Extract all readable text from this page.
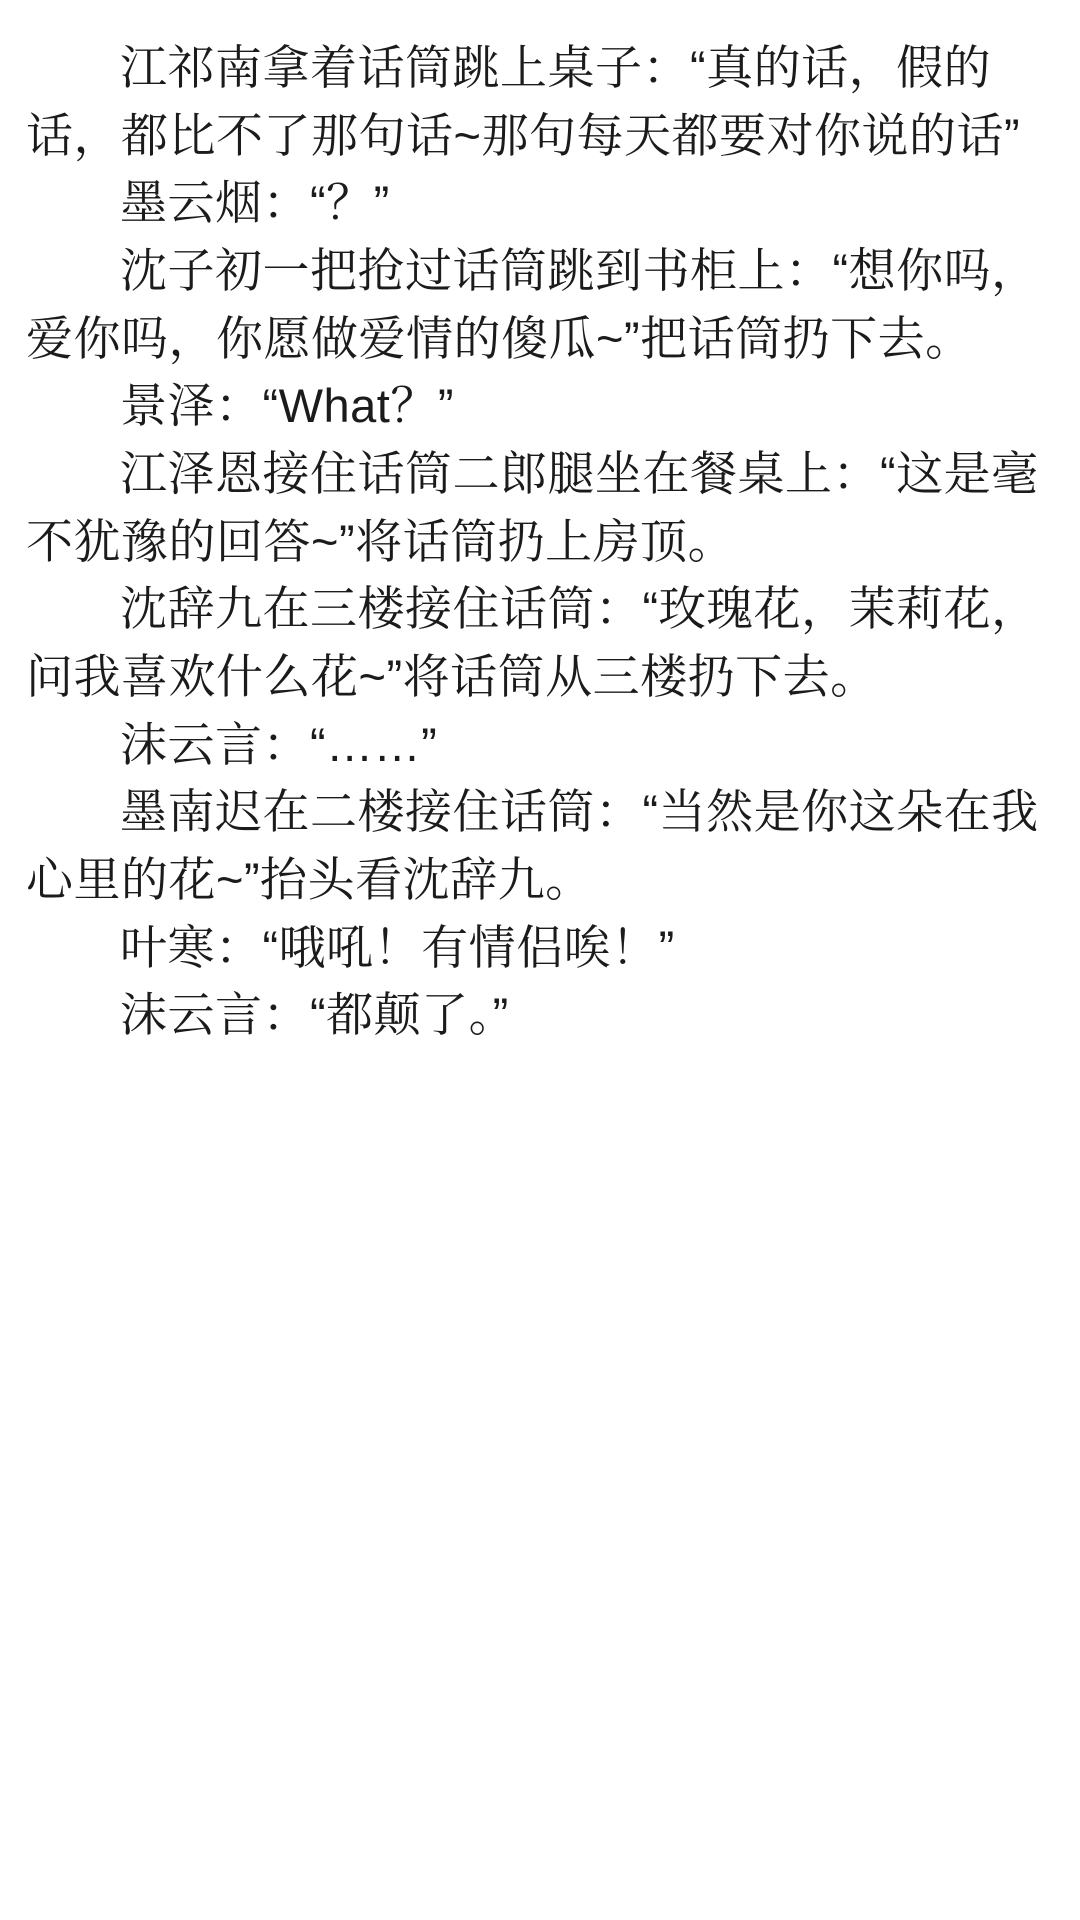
江祁南拿着话筒跳上桌子：“真的话，假的话，都比不了那句话~那句每天都要对你说的话”

墨云烟：“？”

沈子初一把抢过话筒跳到书柜上：“想你吗，爱你吗，你愿做爱情的傻瓜~”把话筒扔下去。

景泽：“What？”

江泽恩接住话筒二郎腿坐在餐桌上：“这是毫不犹豫的回答~”将话筒扔上房顶。

沈辞九在三楼接住话筒：“玫瑰花，茉莉花，问我喜欢什么花~”将话筒从三楼扔下去。

沫云言：“……”

墨南迟在二楼接住话筒：“当然是你这朵在我心里的花~”抬头看沈辞九。

叶寒：“哦吼！有情侣唉！”

沫云言：“都颠了。”
